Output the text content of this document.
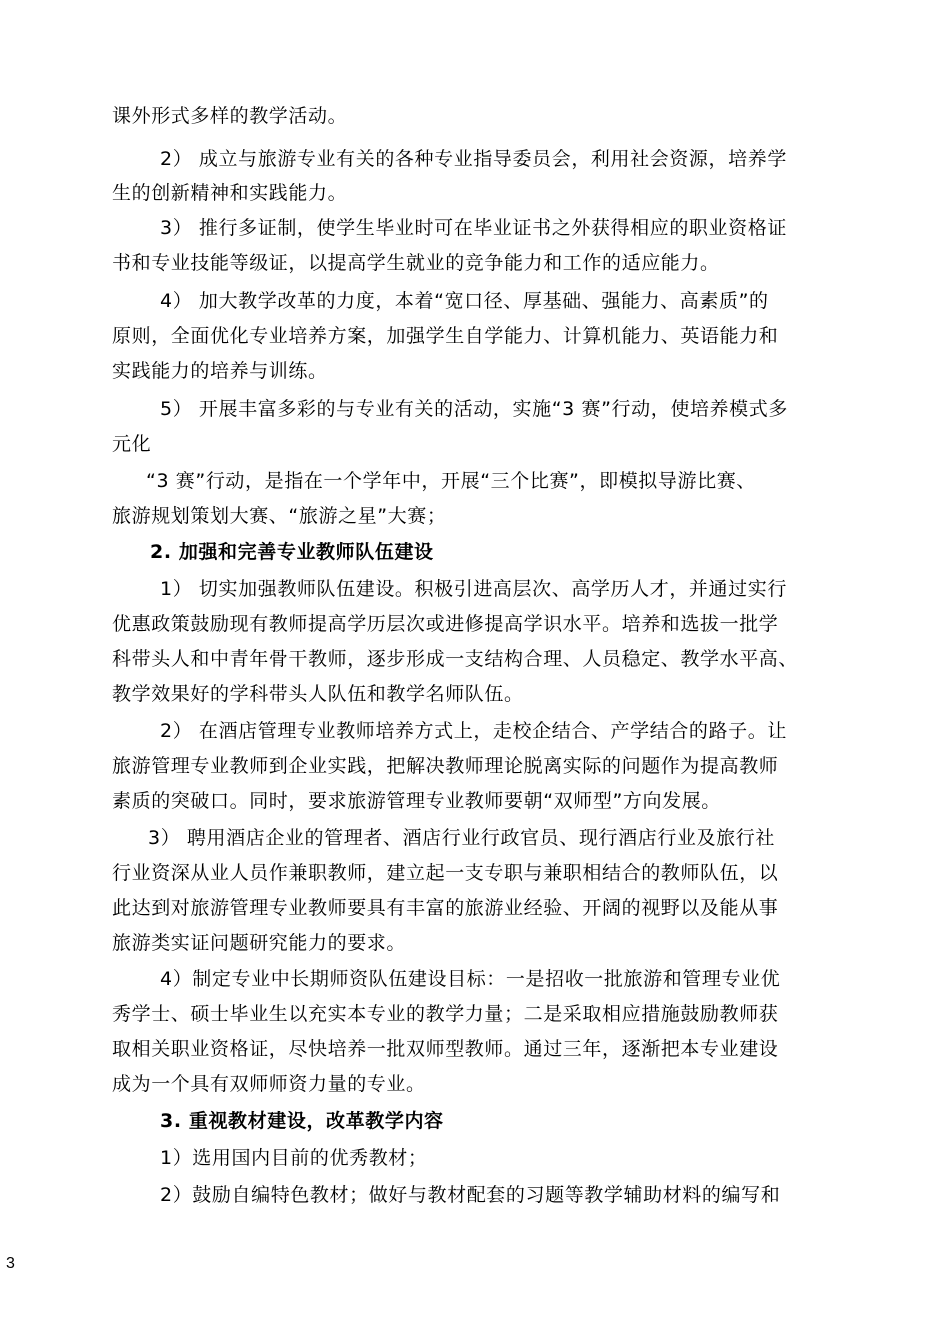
课外形式多样的教学活动。
2） 成立与旅游专业有关的各种专业指导委员会，利用社会资源，培养学
生的创新精神和实践能力。
3） 推行多证制，使学生毕业时可在毕业证书之外获得相应的职业资格证
书和专业技能等级证，以提高学生就业的竞争能力和工作的适应能力。
4） 加大教学改革的力度，本着“宽口径、厚基础、强能力、高素质”的
原则，全面优化专业培养方案，加强学生自学能力、计算机能力、英语能力和
实践能力的培养与训练。
5） 开展丰富多彩的与专业有关的活动，实施“3 赛”行动，使培养模式多
元化
“3 赛”行动，是指在一个学年中，开展“三个比赛”，即模拟导游比赛、
旅游规划策划大赛、“旅游之星”大赛；
2. 加强和完善专业教师队伍建设
1） 切实加强教师队伍建设。积极引进高层次、高学历人才，并通过实行
优惠政策鼓励现有教师提高学历层次或进修提高学识水平。培养和选拔一批学
科带头人和中青年骨干教师，逐步形成一支结构合理、人员稳定、教学水平高、
教学效果好的学科带头人队伍和教学名师队伍。
2） 在酒店管理专业教师培养方式上，走校企结合、产学结合的路子。让
旅游管理专业教师到企业实践，把解决教师理论脱离实际的问题作为提高教师
素质的突破口。同时，要求旅游管理专业教师要朝“双师型”方向发展。
3） 聘用酒店企业的管理者、酒店行业行政官员、现行酒店行业及旅行社
行业资深从业人员作兼职教师，建立起一支专职与兼职相结合的教师队伍，以
此达到对旅游管理专业教师要具有丰富的旅游业经验、开阔的视野以及能从事
旅游类实证问题研究能力的要求。
4）制定专业中长期师资队伍建设目标：一是招收一批旅游和管理专业优
秀学士、硕士毕业生以充实本专业的教学力量；二是采取相应措施鼓励教师获
取相关职业资格证，尽快培养一批双师型教师。通过三年，逐渐把本专业建设
成为一个具有双师师资力量的专业。
3. 重视教材建设，改革教学内容
1）选用国内目前的优秀教材；
2）鼓励自编特色教材；做好与教材配套的习题等教学辅助材料的编写和
3
